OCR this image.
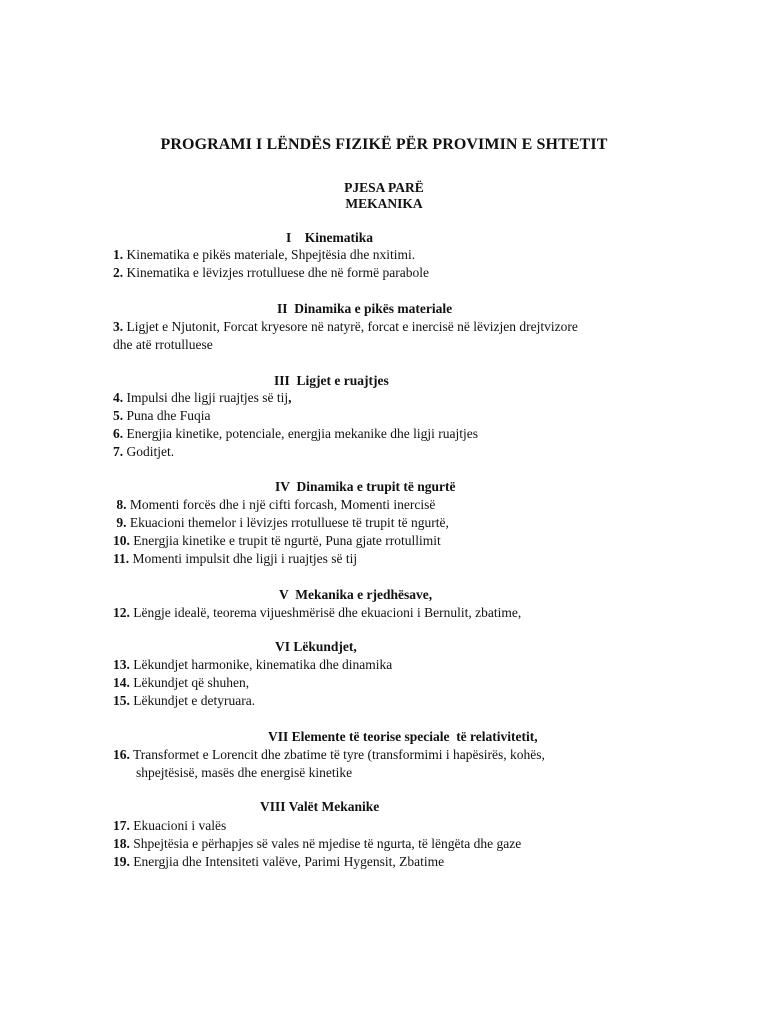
PROGRAMI I LËNDËS FIZIKË PËR PROVIMIN E SHTETIT
PJESA PARË
MEKANIKA
I    Kinematika
1. Kinematika e pikës materiale, Shpejtësia dhe nxitimi.
2. Kinematika e lëvizjes rrotulluese dhe në formë parabole
II  Dinamika e pikës materiale
3. Ligjet e Njutonit, Forcat kryesore në natyrë, forcat e inercisë në lëvizjen drejtvizore
dhe atë rrotulluese
III  Ligjet e ruajtjes
4. Impulsi dhe ligji ruajtjes së tij,
5. Puna dhe Fuqia
6. Energjia kinetike, potenciale, energjia mekanike dhe ligji ruajtjes
7. Goditjet.
IV  Dinamika e trupit të ngurtë
8. Momenti forcës dhe i një cifti forcash, Momenti inercisë
9. Ekuacioni themelor i lëvizjes rrotulluese të trupit të ngurtë,
10. Energjia kinetike e trupit të ngurtë, Puna gjate rrotullimit
11. Momenti impulsit dhe ligji i ruajtjes së tij
V  Mekanika e rjedhësave,
12. Lëngje idealë, teorema vijueshmërisë dhe ekuacioni i Bernulit, zbatime,
VI Lëkundjet,
13. Lëkundjet harmonike, kinematika dhe dinamika
14. Lëkundjet që shuhen,
15. Lëkundjet e detyruara.
VII Elemente të teorise speciale  të relativitetit,
16. Transformet e Lorencit dhe zbatime të tyre (transformimi i hapësirës, kohës,
shpejtësisë, masës dhe energisë kinetike
VIII Valët Mekanike
17. Ekuacioni i valës
18. Shpejtësia e përhapjes së vales në mjedise të ngurta, të lëngëta dhe gaze
19. Energjia dhe Intensiteti valëve, Parimi Hygensit, Zbatime
